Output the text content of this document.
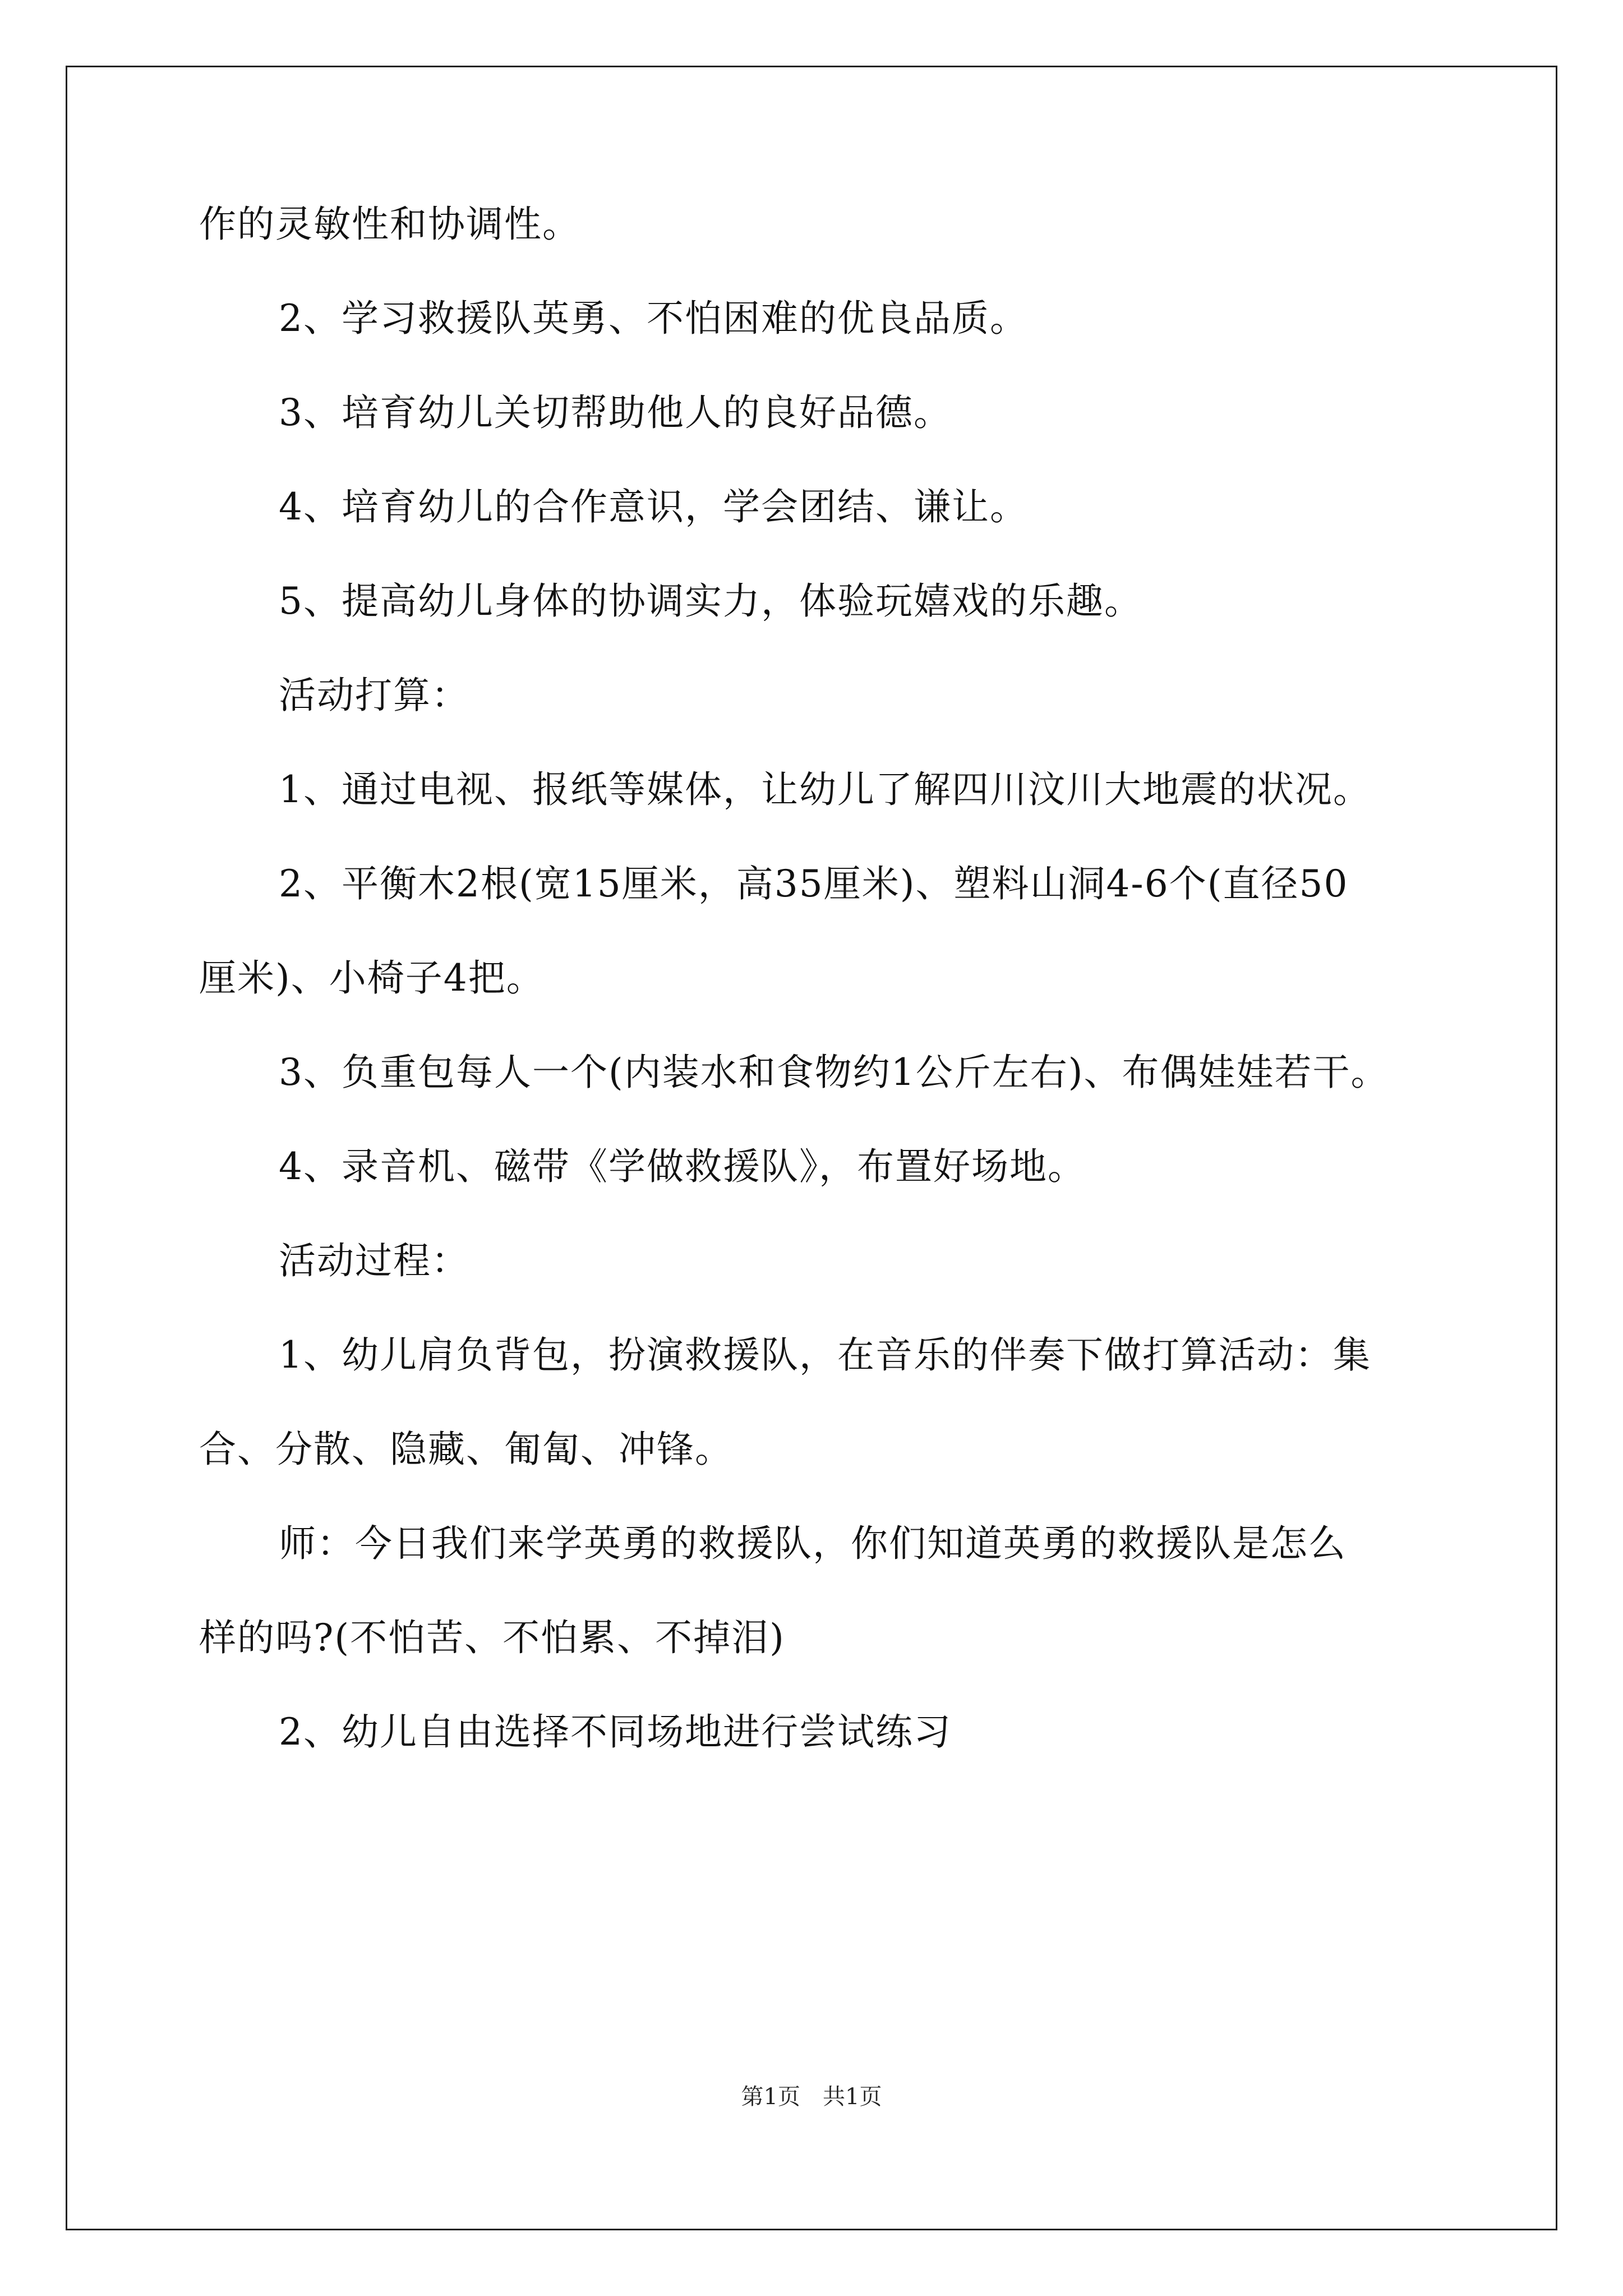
作的灵敏性和协调性。
2、学习救援队英勇、不怕困难的优良品质。
3、培育幼儿关切帮助他人的良好品德。
4、培育幼儿的合作意识，学会团结、谦让。
5、提高幼儿身体的协调实力，体验玩嬉戏的乐趣。
活动打算：
1、通过电视、报纸等媒体，让幼儿了解四川汶川大地震的状况。
2、平衡木2根(宽15厘米，高35厘米)、塑料山洞4-6个(直径50
厘米)、小椅子4把。
3、负重包每人一个(内装水和食物约1公斤左右)、布偶娃娃若干。
4、录音机、磁带《学做救援队》，布置好场地。
活动过程：
1、幼儿肩负背包，扮演救援队，在音乐的伴奏下做打算活动：集
合、分散、隐藏、匍匐、冲锋。
师：今日我们来学英勇的救援队，你们知道英勇的救援队是怎么
样的吗?(不怕苦、不怕累、不掉泪)
2、幼儿自由选择不同场地进行尝试练习
第1页　共1页
